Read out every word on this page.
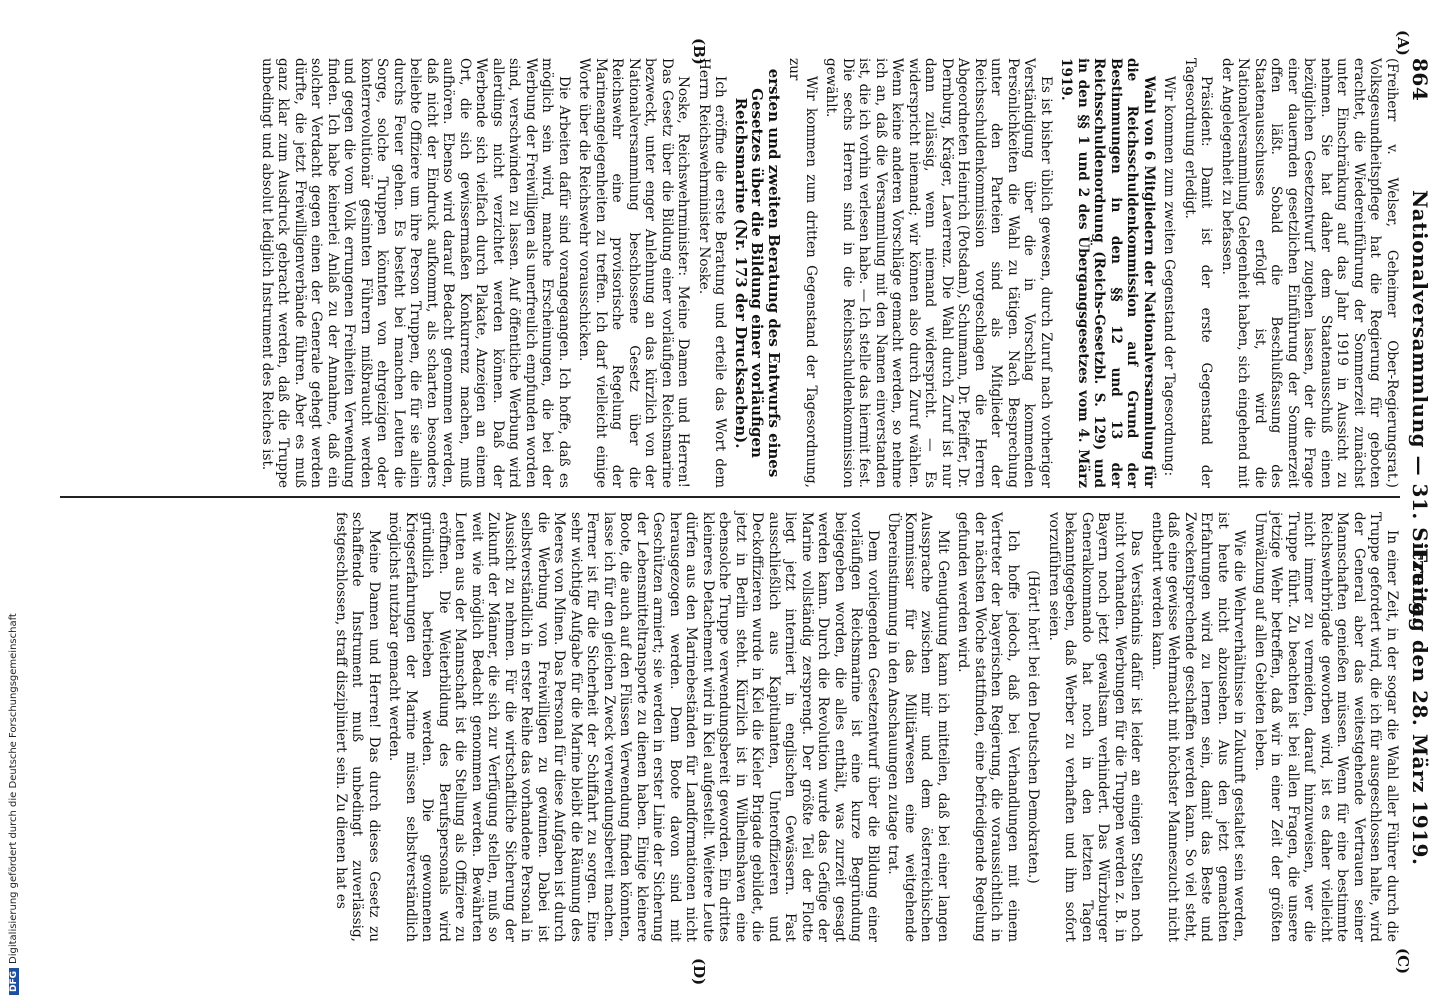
864
Nationalversammlung — 31. Sitzung.
Freitag den 28. März 1919.
(A)
(B)
(C)
(D)

(Freiherr v. Welser, Geheimer Ober-Regierungsrat.) Volksgesundheitspflege hat die Regierung für geboten erachtet, die Wiedereinführung der Sommerzeit zunächst unter Einschränkung auf das Jahr 1919 in Aussicht zu nehmen. Sie hat daher dem Staatenausschuß einen bezüglichen Gesetzentwurf zugehen lassen, der die Frage einer dauernden gesetzlichen Einführung der Sommerzeit offen läßt. Sobald die Beschlußfassung des Staatenausschusses erfolgt ist, wird die Nationalversammlung Gelegenheit haben, sich eingehend mit der Angelegenheit zu befassen.

Präsident: Damit ist der erste Gegenstand der Tagesordnung erledigt.

Wir kommen zum zweiten Gegenstand der Tagesordnung:

Wahl von 6 Mitgliedern der Nationalversammlung für die Reichsschuldenkommission auf Grund der Bestimmungen in den §§ 12 und 13 der Reichsschuldenordnung (Reichs-Gesetzbl. S. 129) und in den §§ 1 und 2 des Übergangsgesetzes vom 4. März 1919.

Es ist bisher üblich gewesen, durch Zuruf nach vorheriger Verständigung über die in Vorschlag kommenden Persönlichkeiten die Wahl zu tätigen. Nach Besprechung unter den Parteien sind als Mitglieder der Reichsschuldenkommission vorgeschlagen die Herren Abgeordneten Heinrich (Potsdam), Schumann, Dr. Pfeiffer, Dr. Dernburg, Kräger, Laverrenz. Die Wahl durch Zuruf ist nur dann zulässig, wenn niemand widerspricht. — Es widerspricht niemand; wir können also durch Zuruf wählen. Wenn keine anderen Vorschläge gemacht werden, so nehme ich an, daß die Versammlung mit den Namen einverstanden ist, die ich vorhin verlesen habe. — Ich stelle das hiermit fest. Die sechs Herren sind in die Reichsschuldenkommission gewählt.

Wir kommen zum dritten Gegenstand der Tagesordnung, zur

ersten und zweiten Beratung des Entwurfs eines Gesetzes über die Bildung einer vorläufigen Reichsmarine (Nr. 173 der Drucksachen).

Ich eröffne die erste Beratung und erteile das Wort dem Herrn Reichswehrminister Noske.

Noske, Reichswehrminister: Meine Damen und Herren! Das Gesetz über die Bildung einer vorläufigen Reichsmarine bezweckt, unter enger Anlehnung an das kürzlich von der Nationalversammlung beschlossene Gesetz über die Reichswehr eine provisorische Regelung der Marineangelegenheiten zu treffen. Ich darf vielleicht einige Worte über die Reichswehr vorausschicken.

Die Arbeiten dafür sind vorangegangen. Ich hoffe, daß es möglich sein wird, manche Erscheinungen, die bei der Werbung der Freiwilligen als unerfreulich empfunden worden sind, verschwinden zu lassen. Auf öffentliche Werbung wird allerdings nicht verzichtet werden können. Daß der Werbende sich vielfach durch Plakate, Anzeigen an einem Ort, die sich gewissermaßen Konkurrenz machen, muß aufhören. Ebenso wird darauf Bedacht genommen werden, daß nicht der Eindruck aufkommt, als scharten besonders beliebte Offiziere um ihre Person Truppen, die für sie allein durchs Feuer gehen. Es besteht bei manchen Leuten die Sorge, solche Truppen könnten von ehrgeizigen oder konterrevolutionär gesinnten Führern mißbraucht werden und gegen die vom Volk errungenen Freiheiten Verwendung finden. Ich habe keinerlei Anlaß zu der Annahme, daß ein solcher Verdacht gegen einen der Generale gehegt werden dürfte, die jetzt Freiwilligenverbände führen. Aber es muß ganz klar zum Ausdruck gebracht werden, daß die Truppe unbedingt und absolut lediglich Instrument des Reiches ist.

In einer Zeit, in der sogar die Wahl aller Führer durch die Truppe gefordert wird, die ich für ausgeschlossen halte, wird der General aber das weitestgehende Vertrauen seiner Mannschaften genießen müssen. Wenn für eine bestimmte Reichswehrbrigade geworben wird, ist es daher vielleicht nicht immer zu vermeiden, darauf hinzuweisen, wer die Truppe führt. Zu beachten ist bei allen Fragen, die unsere jetzige Wehr betreffen, daß wir in einer Zeit der größten Umwälzung auf allen Gebieten leben.

Wie die Wehrverhältnisse in Zukunft gestaltet sein werden, ist heute nicht abzusehen. Aus den jetzt gemachten Erfahrungen wird zu lernen sein, damit das Beste und Zweckentsprechende geschaffen werden kann. So viel steht, daß eine gewisse Wehrmacht mit höchster Manneszucht nicht entbehrt werden kann.

Das Verständnis dafür ist leider an einigen Stellen noch nicht vorhanden. Werbungen für die Truppen werden z. B. in Bayern noch jetzt gewaltsam verhindert. Das Würzburger Generalkommando hat noch in den letzten Tagen bekanntgegeben, daß Werber zu verhaften und ihm sofort vorzuführen seien.

(Hört! hört! bei den Deutschen Demokraten.)

Ich hoffe jedoch, daß bei Verhandlungen mit einem Vertreter der bayerischen Regierung, die voraussichtlich in der nächsten Woche stattfinden, eine befriedigende Regelung gefunden werden wird.

Mit Genugtuung kann ich mitteilen, daß bei einer langen Aussprache zwischen mir und dem österreichischen Kommissar für das Militärwesen eine weitgehende Übereinstimmung in den Anschauungen zutage trat.

Dem vorliegenden Gesetzentwurf über die Bildung einer vorläufigen Reichsmarine ist eine kurze Begründung beigegeben worden, die alles enthält, was zurzeit gesagt werden kann. Durch die Revolution wurde das Gefüge der Marine vollständig zersprengt. Der größte Teil der Flotte liegt jetzt interniert in englischen Gewässern. Fast ausschließlich aus Kapitulanten, Unteroffizieren und Deckoffizieren wurde in Kiel die Kieler Brigade gebildet, die jetzt in Berlin steht. Kürzlich ist in Wilhelmshaven eine ebensolche Truppe verwendungsbereit geworden. Ein drittes kleineres Detachement wird in Kiel aufgestellt. Weitere Leute dürfen aus den Marinebeständen für Landformationen nicht herausgezogen werden. Denn Boote davon sind mit Geschützen armiert; sie werden in erster Linie der Sicherung der Lebensmitteltransporte zu dienen haben. Einige kleinere Boote, die auch auf den Flüssen Verwendung finden könnten, lasse ich für den gleichen Zweck verwendungsbereit machen. Ferner ist für die Sicherheit der Schiffahrt zu sorgen. Eine sehr wichtige Aufgabe für die Marine bleibt die Räumung des Meeres von Minen. Das Personal für diese Aufgaben ist durch die Werbung von Freiwilligen zu gewinnen. Dabei ist selbstverständlich in erster Reihe das vorhandene Personal in Aussicht zu nehmen. Für die wirtschaftliche Sicherung der Zukunft der Männer, die sich zur Verfügung stellen, muß so weit wie möglich Bedacht genommen werden. Bewährten Leuten aus der Mannschaft ist die Stellung als Offiziere zu eröffnen. Die Weiterbildung des Berufspersonals wird gründlich betrieben werden. Die gewonnenen Kriegserfahrungen der Marine müssen selbstverständlich möglichst nutzbar gemacht werden.

Meine Damen und Herren! Das durch dieses Gesetz zu schaffende Instrument muß unbedingt zuverlässig, festgeschlossen, straff diszipliniert sein. Zu dienen hat es

DFGDigitalisierung gefördert durch die Deutsche Forschungsgemeinschaft
